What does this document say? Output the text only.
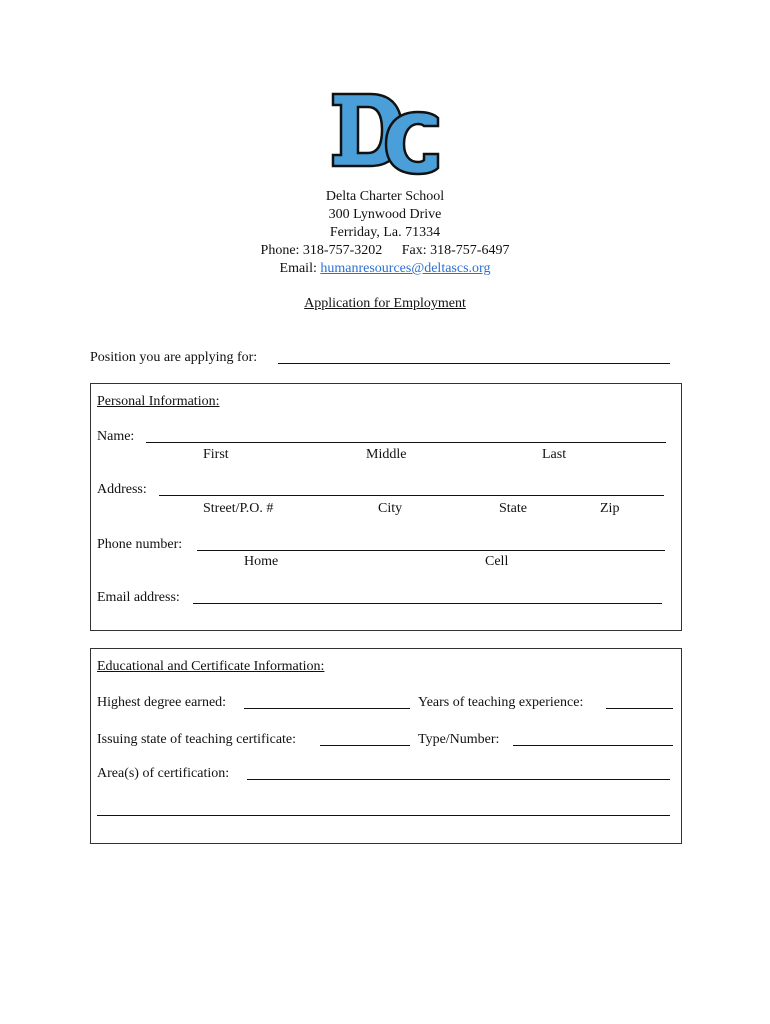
Delta Charter School
300 Lynwood Drive
Ferriday, La. 71334
Phone: 318-757-3202 Fax: 318-757-6497
Email: humanresources@deltascs.org
Application for Employment
Position you are applying for:
Personal Information:
Name:
First	Middle	Last
Address:
Street/P.O. #	City	State	Zip
Phone number:
Home	Cell
Email address:
Educational and Certificate Information:
Highest degree earned:	Years of teaching experience:
Issuing state of teaching certificate:	Type/Number:
Area(s) of certification:
